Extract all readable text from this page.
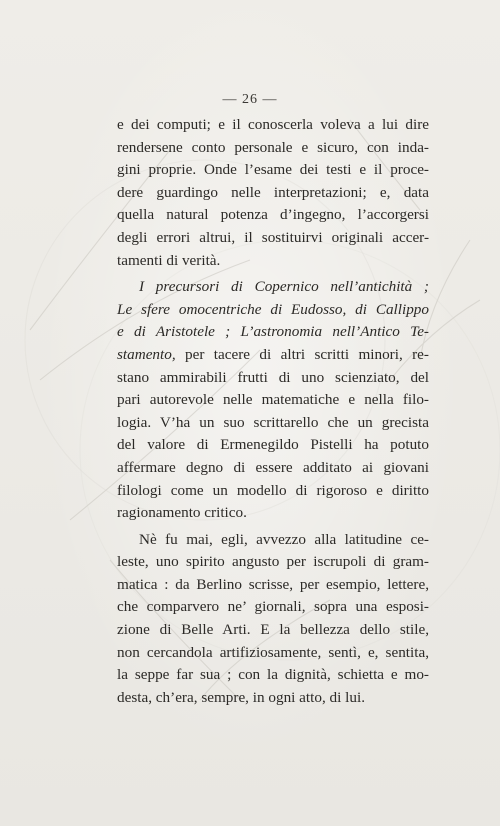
— 26 —
e dei computi; e il conoscerla voleva a lui dire
rendersene conto personale e sicuro, con inda-
gini proprie. Onde l’esame dei testi e il proce-
dere guardingo nelle interpretazioni; e, data
quella natural potenza d’ingegno, l’accorgersi
degli errori altrui, il sostituirvi originali accer-
tamenti di verità.
I precursori di Copernico nell’antichità ;
Le sfere omocentriche di Eudosso, di Callippo
e di Aristotele ; L’astronomia nell’Antico Te-
stamento, per tacere di altri scritti minori, re-
stano ammirabili frutti di uno scienziato, del
pari autorevole nelle matematiche e nella filo-
logia. V’ha un suo scrittarello che un grecista
del valore di Ermenegildo Pistelli ha potuto
affermare degno di essere additato ai giovani
filologi come un modello di rigoroso e diritto
ragionamento critico.
Nè fu mai, egli, avvezzo alla latitudine ce-
leste, uno spirito angusto per iscrupoli di gram-
matica : da Berlino scrisse, per esempio, lettere,
che comparvero ne’ giornali, sopra una esposi-
zione di Belle Arti. E la bellezza dello stile,
non cercandola artifiziosamente, sentì, e, sentita,
la seppe far sua ; con la dignità, schietta e mo-
desta, ch’era, sempre, in ogni atto, di lui.
